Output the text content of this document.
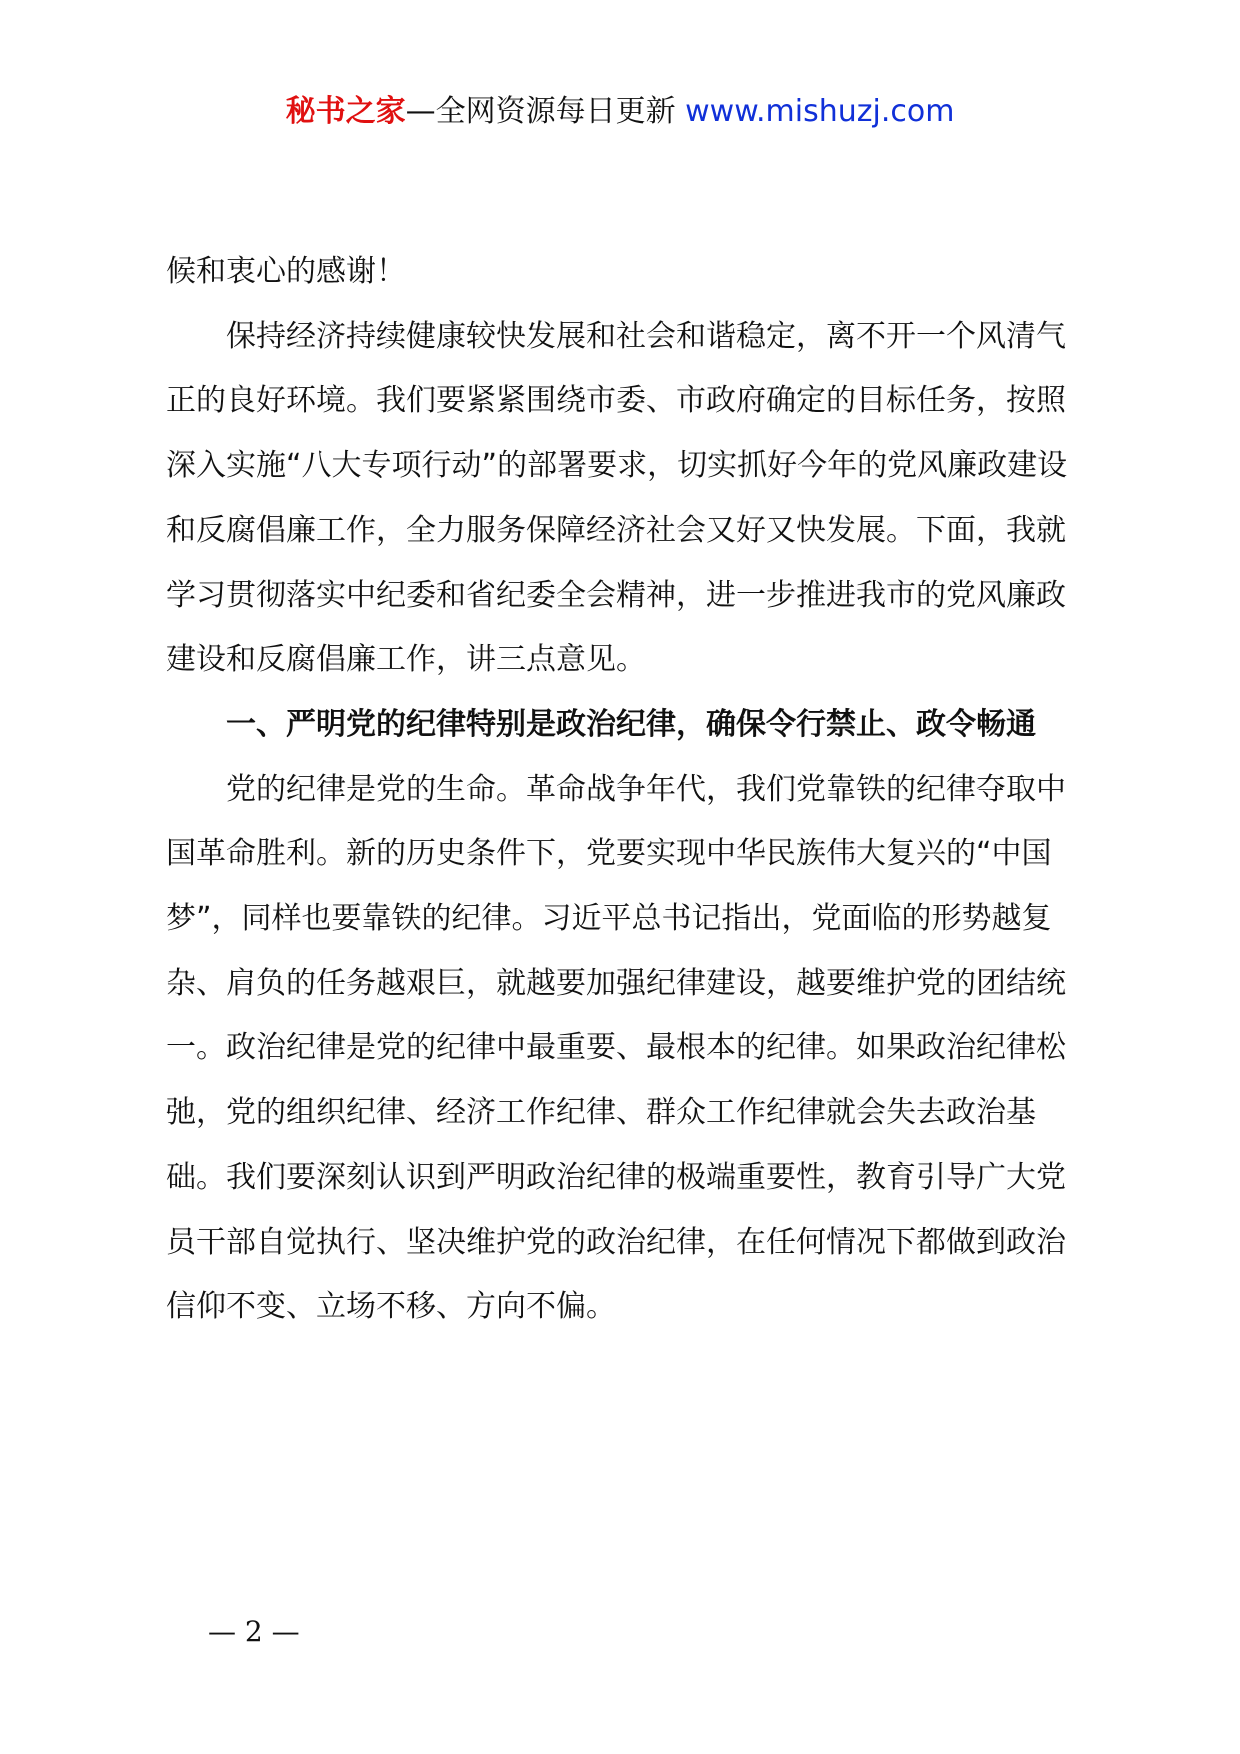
秘书之家—全网资源每日更新 www.mishuzj.com

候和衷心的感谢！

保持经济持续健康较快发展和社会和谐稳定，离不开一个风清气正的良好环境。我们要紧紧围绕市委、市政府确定的目标任务，按照深入实施“八大专项行动”的部署要求，切实抓好今年的党风廉政建设和反腐倡廉工作，全力服务保障经济社会又好又快发展。下面，我就学习贯彻落实中纪委和省纪委全会精神，进一步推进我市的党风廉政建设和反腐倡廉工作，讲三点意见。

一、严明党的纪律特别是政治纪律，确保令行禁止、政令畅通

党的纪律是党的生命。革命战争年代，我们党靠铁的纪律夺取中国革命胜利。新的历史条件下，党要实现中华民族伟大复兴的“中国梦”，同样也要靠铁的纪律。习近平总书记指出，党面临的形势越复杂、肩负的任务越艰巨，就越要加强纪律建设，越要维护党的团结统一。政治纪律是党的纪律中最重要、最根本的纪律。如果政治纪律松弛，党的组织纪律、经济工作纪律、群众工作纪律就会失去政治基础。我们要深刻认识到严明政治纪律的极端重要性，教育引导广大党员干部自觉执行、坚决维护党的政治纪律，在任何情况下都做到政治信仰不变、立场不移、方向不偏。

— 2 —
